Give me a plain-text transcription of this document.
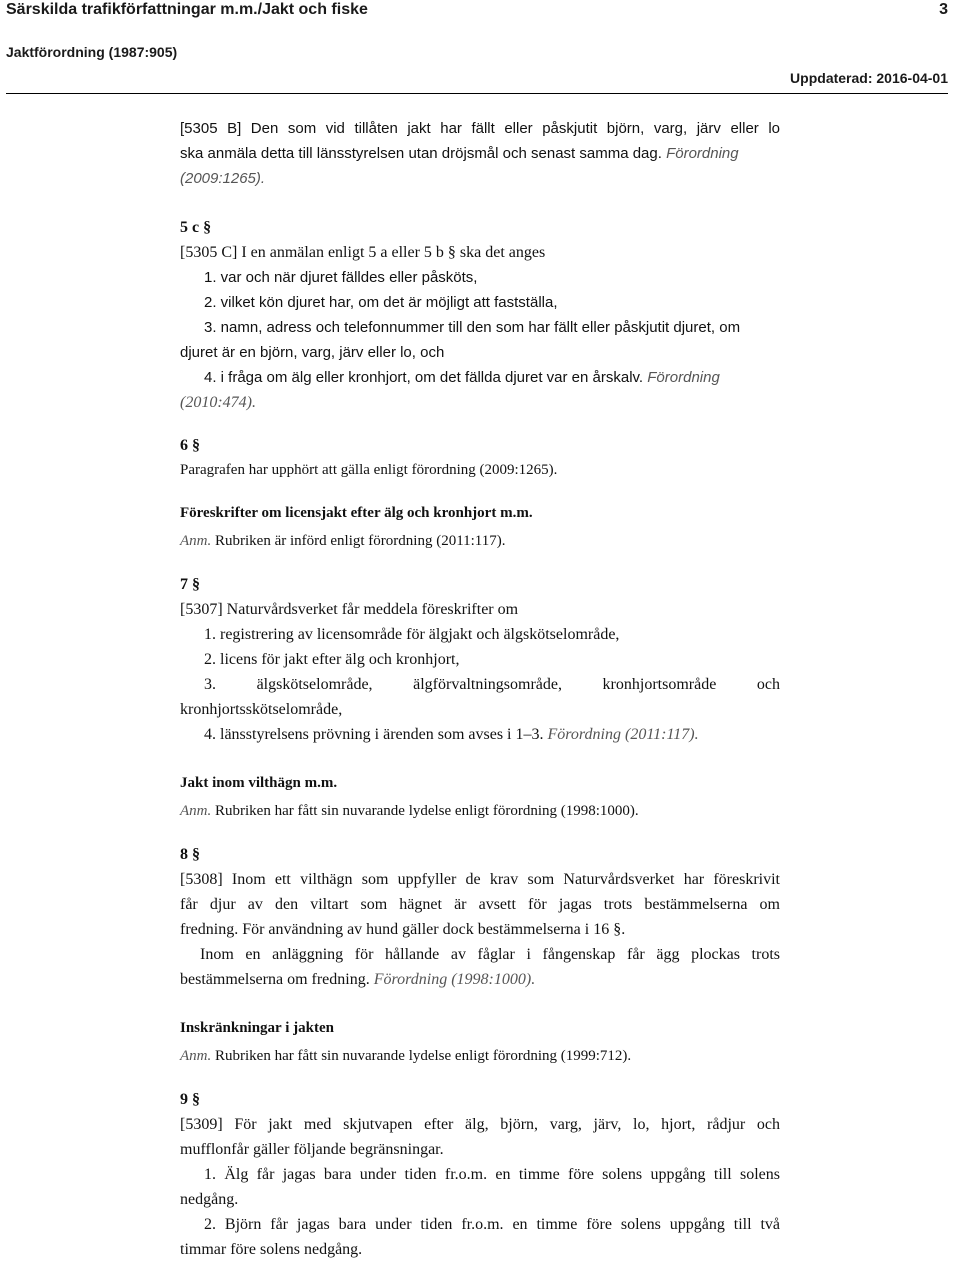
Särskilda trafikförfattningar m.m./Jakt och fiske	3
Jaktförordning (1987:905)
Uppdaterad: 2016-04-01

[5305 B] Den som vid tillåten jakt har fällt eller påskjutit björn, varg, järv eller lo

ska anmäla detta till länsstyrelsen utan dröjsmål och senast samma dag. Förordning

(2009:1265).

5 c §

[5305 C] I en anmälan enligt 5 a eller 5 b § ska det anges

1. var och när djuret fälldes eller påsköts,

2. vilket kön djuret har, om det är möjligt att fastställa,

3. namn, adress och telefonnummer till den som har fällt eller påskjutit djuret, om

djuret är en björn, varg, järv eller lo, och

4. i fråga om älg eller kronhjort, om det fällda djuret var en årskalv. Förordning

(2010:474).

6 §

Paragrafen har upphört att gälla enligt förordning (2009:1265).

Föreskrifter om licensjakt efter älg och kronhjort m.m.

Anm. Rubriken är införd enligt förordning (2011:117).

7 §

[5307] Naturvårdsverket får meddela föreskrifter om

1. registrering av licensområde för älgjakt och älgskötselområde,

2. licens för jakt efter älg och kronhjort,

3. älgskötselområde, älgförvaltningsområde, kronhjortsområde och

kronhjortsskötselområde,

4. länsstyrelsens prövning i ärenden som avses i 1–3. Förordning (2011:117).

Jakt inom vilthägn m.m.

Anm. Rubriken har fått sin nuvarande lydelse enligt förordning (1998:1000).

8 §

[5308] Inom ett vilthägn som uppfyller de krav som Naturvårdsverket har föreskrivit

får djur av den viltart som hägnet är avsett för jagas trots bestämmelserna om

fredning. För användning av hund gäller dock bestämmelserna i 16 §.

Inom en anläggning för hållande av fåglar i fångenskap får ägg plockas trots

bestämmelserna om fredning. Förordning (1998:1000).

Inskränkningar i jakten

Anm. Rubriken har fått sin nuvarande lydelse enligt förordning (1999:712).

9 §

[5309] För jakt med skjutvapen efter älg, björn, varg, järv, lo, hjort, rådjur och

mufflonfår gäller följande begränsningar.

1. Älg får jagas bara under tiden fr.o.m. en timme före solens uppgång till solens

nedgång.

2. Björn får jagas bara under tiden fr.o.m. en timme före solens uppgång till två

timmar före solens nedgång.
